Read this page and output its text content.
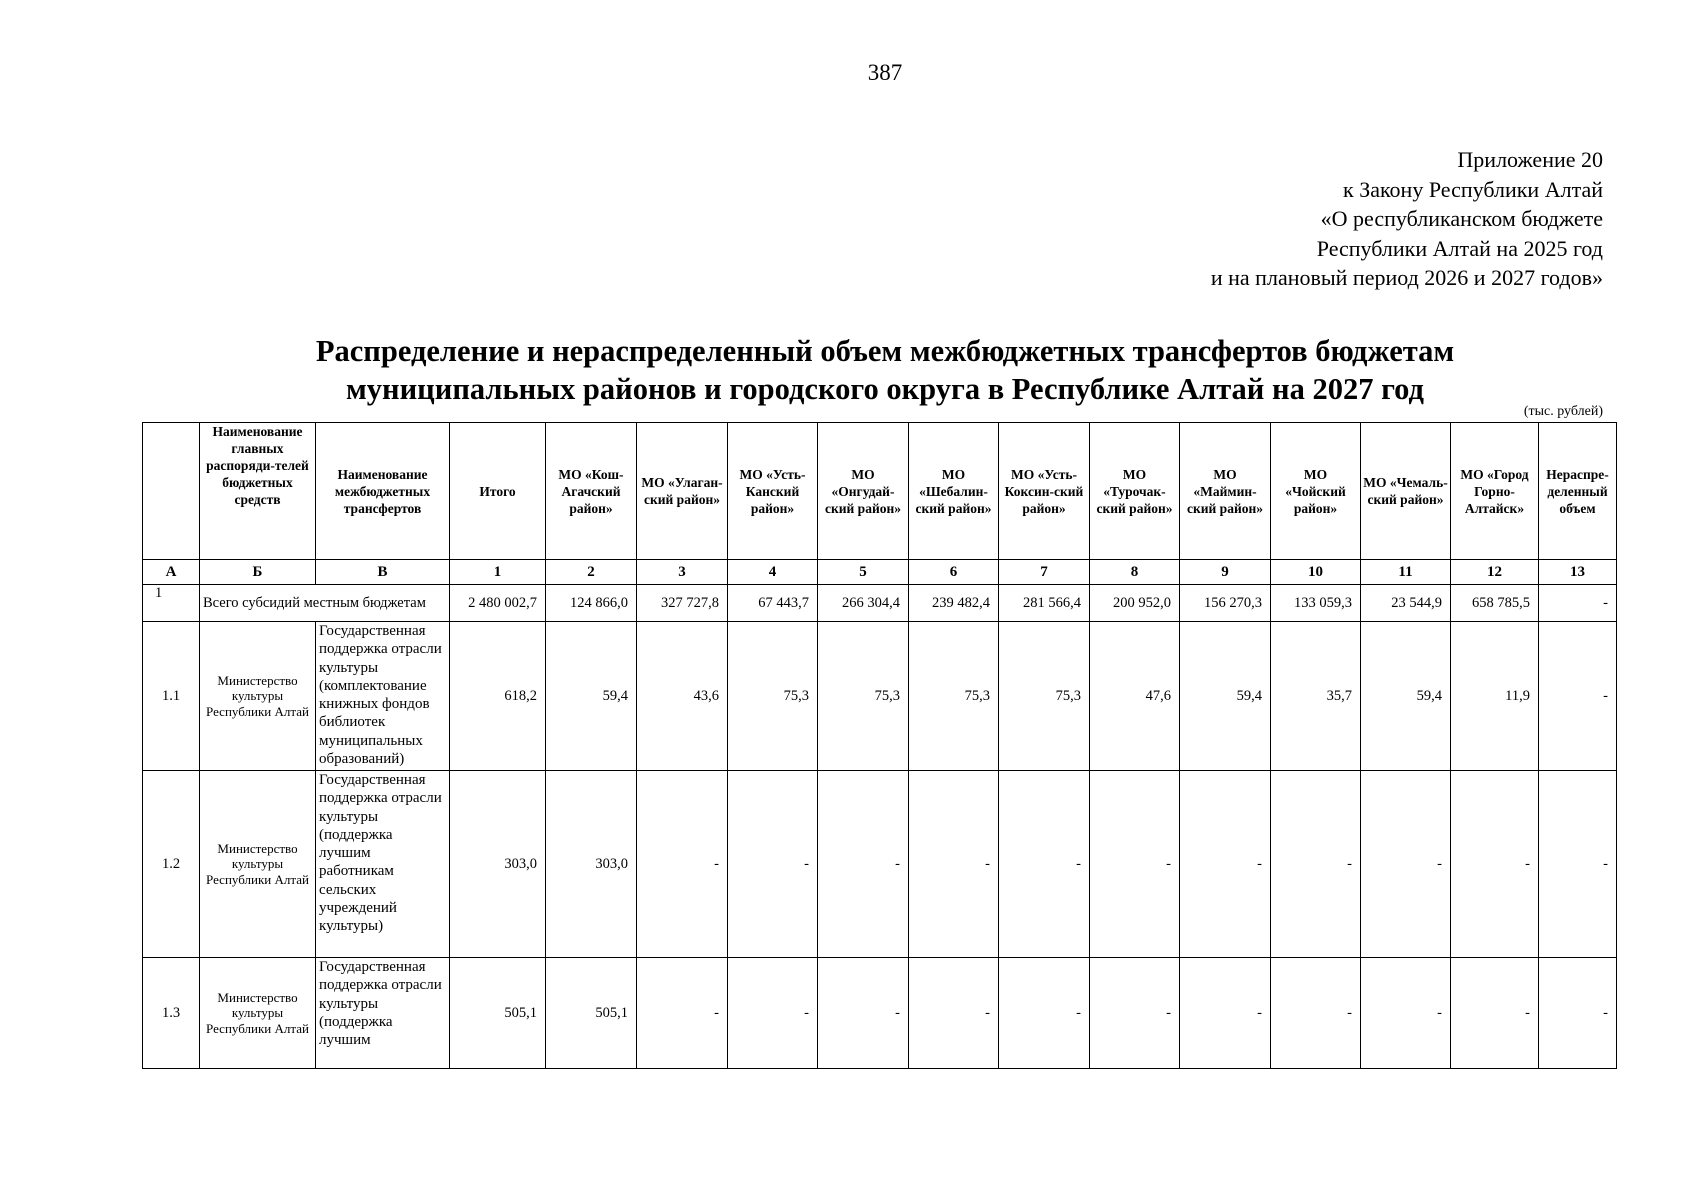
387
Приложение 20
к Закону Республики Алтай
«О республиканском бюджете
Республики Алтай на 2025 год
и на плановый период 2026 и 2027 годов»
Распределение и нераспределенный объем межбюджетных трансфертов бюджетам
муниципальных районов и городского округа в Республике Алтай на 2027 год
(тыс. рублей)
	Наименование главных распоряди-телей бюджетных средств	Наименование межбюджетных трансфертов	Итого	МО «Кош-Агачский район»	МО «Улаган-ский район»	МО «Усть-Канский район»	МО «Онгудай-ский район»	МО «Шебалин-ский район»	МО «Усть-Коксин-ский район»	МО «Турочак-ский район»	МО «Маймин-ский район»	МО «Чойский район»	МО «Чемаль-ский район»	МО «Город Горно-Алтайск»	Нераспре-деленный объем
А	Б	В	1	2	3	4	5	6	7	8	9	10	11	12	13
1	Всего субсидий местным бюджетам		2 480 002,7	124 866,0	327 727,8	67 443,7	266 304,4	239 482,4	281 566,4	200 952,0	156 270,3	133 059,3	23 544,9	658 785,5	-
1.1	Министерство культуры Республики Алтай	Государственная поддержка отрасли культуры (комплектование книжных фондов библиотек муниципальных образований)	618,2	59,4	43,6	75,3	75,3	75,3	75,3	47,6	59,4	35,7	59,4	11,9	-
1.2	Министерство культуры Республики Алтай	Государственная поддержка отрасли культуры (поддержка лучшим работникам сельских учреждений культуры)	303,0	303,0	-	-	-	-	-	-	-	-	-	-	-
1.3	Министерство культуры Республики Алтай	Государственная поддержка отрасли культуры (поддержка лучшим	505,1	505,1	-	-	-	-	-	-	-	-	-	-	-
